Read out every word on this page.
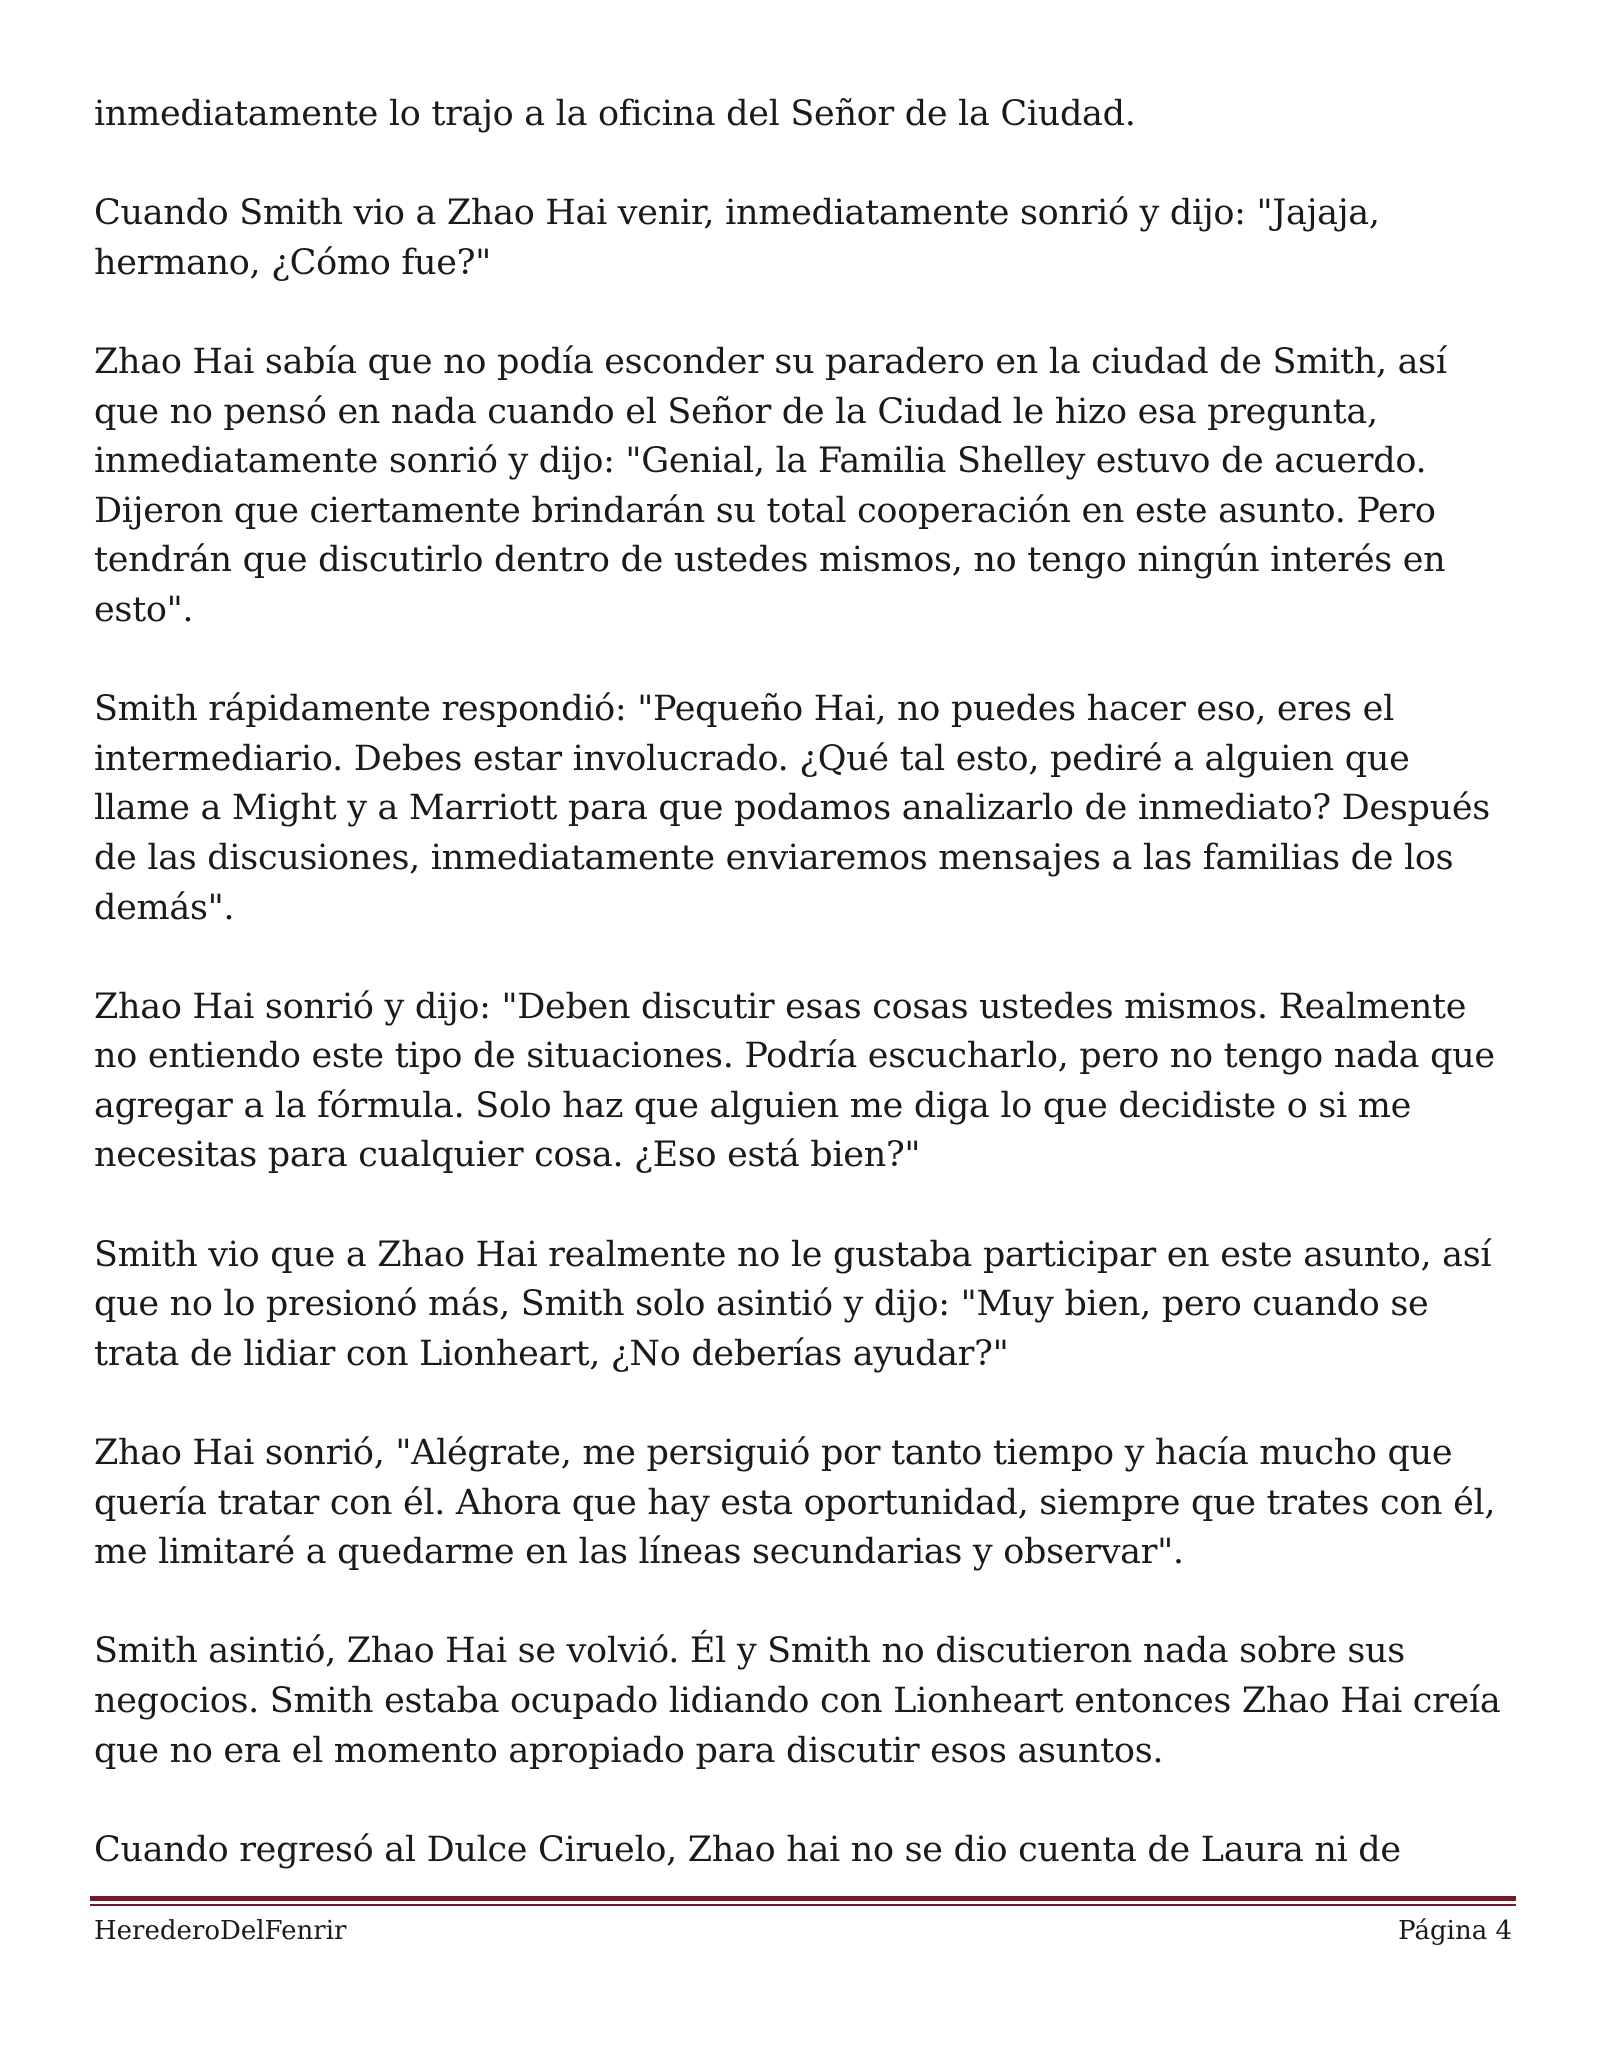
inmediatamente lo trajo a la oficina del Señor de la Ciudad.

Cuando Smith vio a Zhao Hai venir, inmediatamente sonrió y dijo: "Jajaja, hermano, ¿Cómo fue?"

Zhao Hai sabía que no podía esconder su paradero en la ciudad de Smith, así que no pensó en nada cuando el Señor de la Ciudad le hizo esa pregunta, inmediatamente sonrió y dijo: "Genial, la Familia Shelley estuvo de acuerdo. Dijeron que ciertamente brindarán su total cooperación en este asunto. Pero tendrán que discutirlo dentro de ustedes mismos, no tengo ningún interés en esto".

Smith rápidamente respondió: "Pequeño Hai, no puedes hacer eso, eres el intermediario. Debes estar involucrado. ¿Qué tal esto, pediré a alguien que llame a Might y a Marriott para que podamos analizarlo de inmediato? Después de las discusiones, inmediatamente enviaremos mensajes a las familias de los demás".

Zhao Hai sonrió y dijo: "Deben discutir esas cosas ustedes mismos. Realmente no entiendo este tipo de situaciones. Podría escucharlo, pero no tengo nada que agregar a la fórmula. Solo haz que alguien me diga lo que decidiste o si me necesitas para cualquier cosa. ¿Eso está bien?"

Smith vio que a Zhao Hai realmente no le gustaba participar en este asunto, así que no lo presionó más, Smith solo asintió y dijo: "Muy bien, pero cuando se trata de lidiar con Lionheart, ¿No deberías ayudar?"

Zhao Hai sonrió, "Alégrate, me persiguió por tanto tiempo y hacía mucho que quería tratar con él. Ahora que hay esta oportunidad, siempre que trates con él, me limitaré a quedarme en las líneas secundarias y observar".

Smith asintió, Zhao Hai se volvió. Él y Smith no discutieron nada sobre sus negocios. Smith estaba ocupado lidiando con Lionheart entonces Zhao Hai creía que no era el momento apropiado para discutir esos asuntos.

Cuando regresó al Dulce Ciruelo, Zhao hai no se dio cuenta de Laura ni de

HerederoDelFenrir	Página 4
